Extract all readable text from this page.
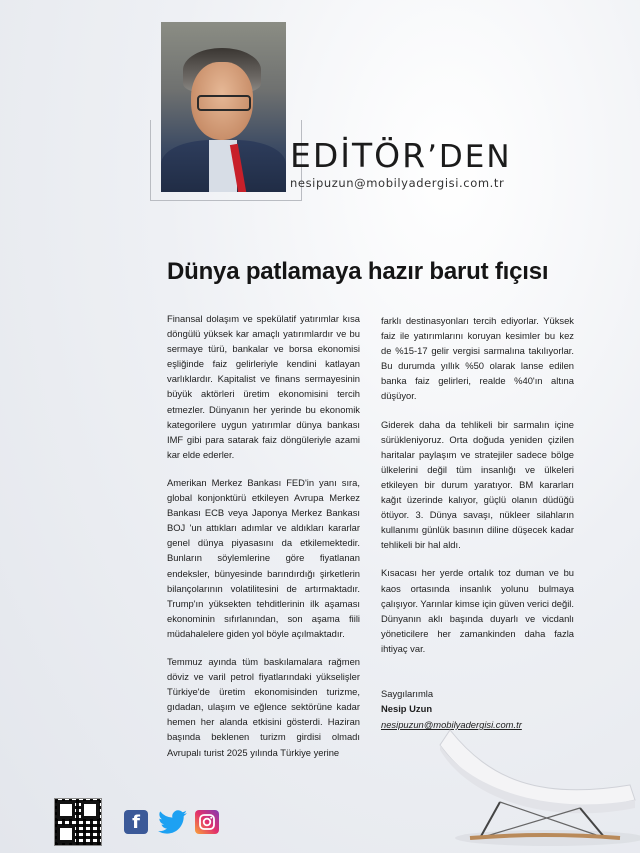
EDİTÖR’DEN
nesipuzun@mobilyadergisi.com.tr
Dünya patlamaya hazır barut fıçısı

Finansal dolaşım ve spekülatif yatırımlar kısa döngülü yüksek kar amaçlı yatırımlardır ve bu sermaye türü, bankalar ve borsa ekonomisi eşliğinde faiz gelirleriyle kendini katlayan varlıklardır. Kapitalist ve finans sermayesinin büyük aktörleri üretim ekonomisini tercih etmezler. Dünyanın her yerinde bu ekonomik kategorilere uygun yatırımlar dünya bankası IMF gibi para satarak faiz döngüleriyle azami kar elde ederler.

Amerikan Merkez Bankası FED'in yanı sıra, global konjonktürü etkileyen Avrupa Merkez Bankası ECB veya Japonya Merkez Bankası BOJ 'un attıkları adımlar ve aldıkları kararlar genel dünya piyasasını da etkilemektedir. Bunların söylemlerine göre fiyatlanan endeksler, bünyesinde barındırdığı şirketlerin bilançolarının volatilitesini de artırmaktadır. Trump'ın yüksekten tehditlerinin ilk aşaması ekonominin sıfırlanından, son aşama fiili müdahalelere giden yol böyle açılmaktadır.

Temmuz ayında tüm baskılamalara rağmen döviz ve varil petrol fiyatlarındaki yükselişler Türkiye'de üretim ekonomisinden turizme, gıdadan, ulaşım ve eğlence sektörüne kadar hemen her alanda etkisini gösterdi. Haziran başında beklenen turizm girdisi olmadı Avrupalı turist 2025 yılında Türkiye yerine

farklı destinasyonları tercih ediyorlar. Yüksek faiz ile yatırımlarını koruyan kesimler bu kez de %15-17 gelir vergisi sarmalına takılıyorlar. Bu durumda yıllık %50 olarak lanse edilen banka faiz gelirleri, realde %40'ın altına düşüyor.

Giderek daha da tehlikeli bir sarmalın içine sürükleniyoruz. Orta doğuda yeniden çizilen haritalar paylaşım ve stratejiler sadece bölge ülkelerini değil tüm insanlığı ve ülkeleri etkileyen bir durum yaratıyor. BM kararları kağıt üzerinde kalıyor, güçlü olanın düdüğü ötüyor. 3. Dünya savaşı, nükleer silahların kullanımı günlük basının diline düşecek kadar tehlikeli bir hal aldı.

Kısacası her yerde ortalık toz duman ve bu kaos ortasında insanlık yolunu bulmaya çalışıyor. Yarınlar kimse için güven verici değil. Dünyanın aklı başında duyarlı ve vicdanlı yöneticilere her zamankinden daha fazla ihtiyaç var.

Saygılarımla
Nesip Uzun
nesipuzun@mobilyadergisi.com.tr
f
